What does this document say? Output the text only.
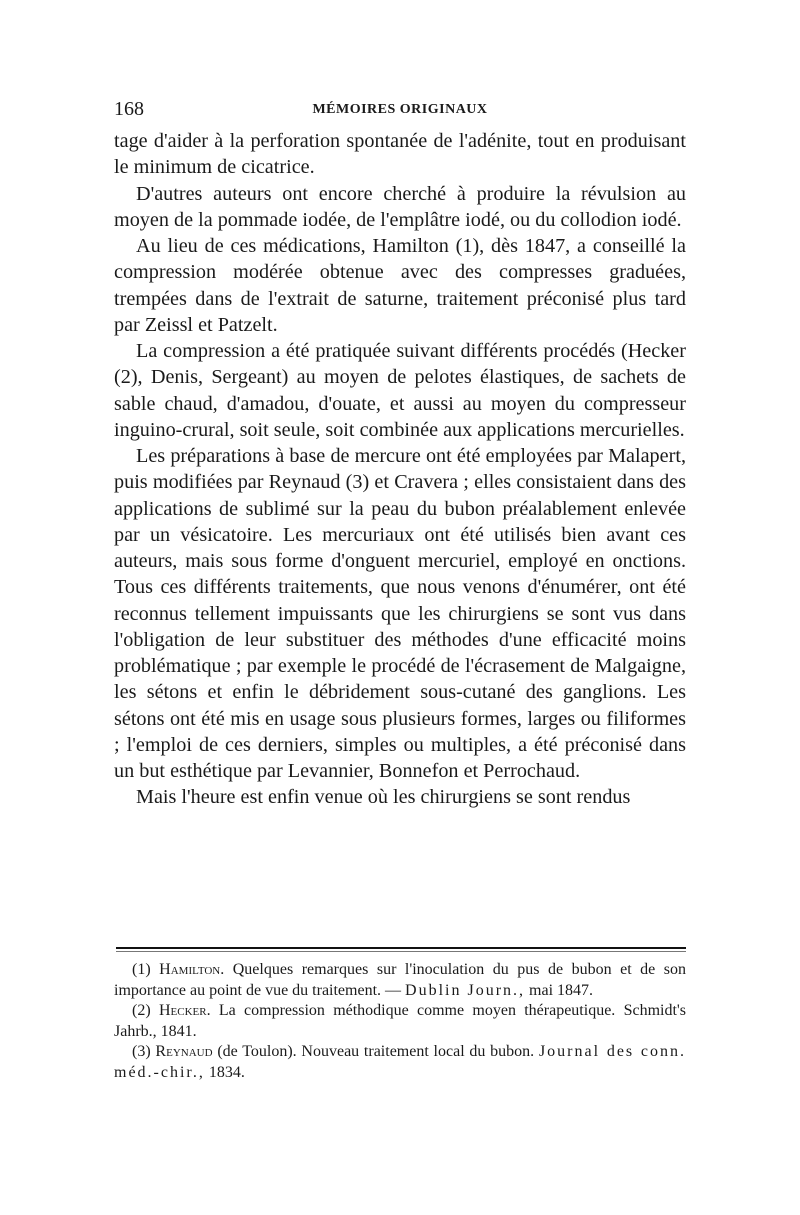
168	MÉMOIRES ORIGINAUX

tage d'aider à la perforation spontanée de l'adénite, tout en produisant le minimum de cicatrice.

D'autres auteurs ont encore cherché à produire la révulsion au moyen de la pommade iodée, de l'emplâtre iodé, ou du collodion iodé.

Au lieu de ces médications, Hamilton (1), dès 1847, a conseillé la compression modérée obtenue avec des compresses graduées, trempées dans de l'extrait de saturne, traitement préconisé plus tard par Zeissl et Patzelt.

La compression a été pratiquée suivant différents procédés (Hecker (2), Denis, Sergeant) au moyen de pelotes élastiques, de sachets de sable chaud, d'amadou, d'ouate, et aussi au moyen du compresseur inguino-crural, soit seule, soit combinée aux applications mercurielles.

Les préparations à base de mercure ont été employées par Malapert, puis modifiées par Reynaud (3) et Cravera ; elles consistaient dans des applications de sublimé sur la peau du bubon préalablement enlevée par un vésicatoire. Les mercuriaux ont été utilisés bien avant ces auteurs, mais sous forme d'onguent mercuriel, employé en onctions. Tous ces différents traitements, que nous venons d'énumérer, ont été reconnus tellement impuissants que les chirurgiens se sont vus dans l'obligation de leur substituer des méthodes d'une efficacité moins problématique ; par exemple le procédé de l'écrasement de Malgaigne, les sétons et enfin le débridement sous-cutané des ganglions. Les sétons ont été mis en usage sous plusieurs formes, larges ou filiformes ; l'emploi de ces derniers, simples ou multiples, a été préconisé dans un but esthétique par Levannier, Bonnefon et Perrochaud.

Mais l'heure est enfin venue où les chirurgiens se sont rendus

(1) Hamilton. Quelques remarques sur l'inoculation du pus de bubon et de son importance au point de vue du traitement. — Dublin Journ., mai 1847.

(2) Hecker. La compression méthodique comme moyen thérapeutique. Schmidt's Jahrb., 1841.

(3) Reynaud (de Toulon). Nouveau traitement local du bubon. Journal des conn. méd.-chir., 1834.
